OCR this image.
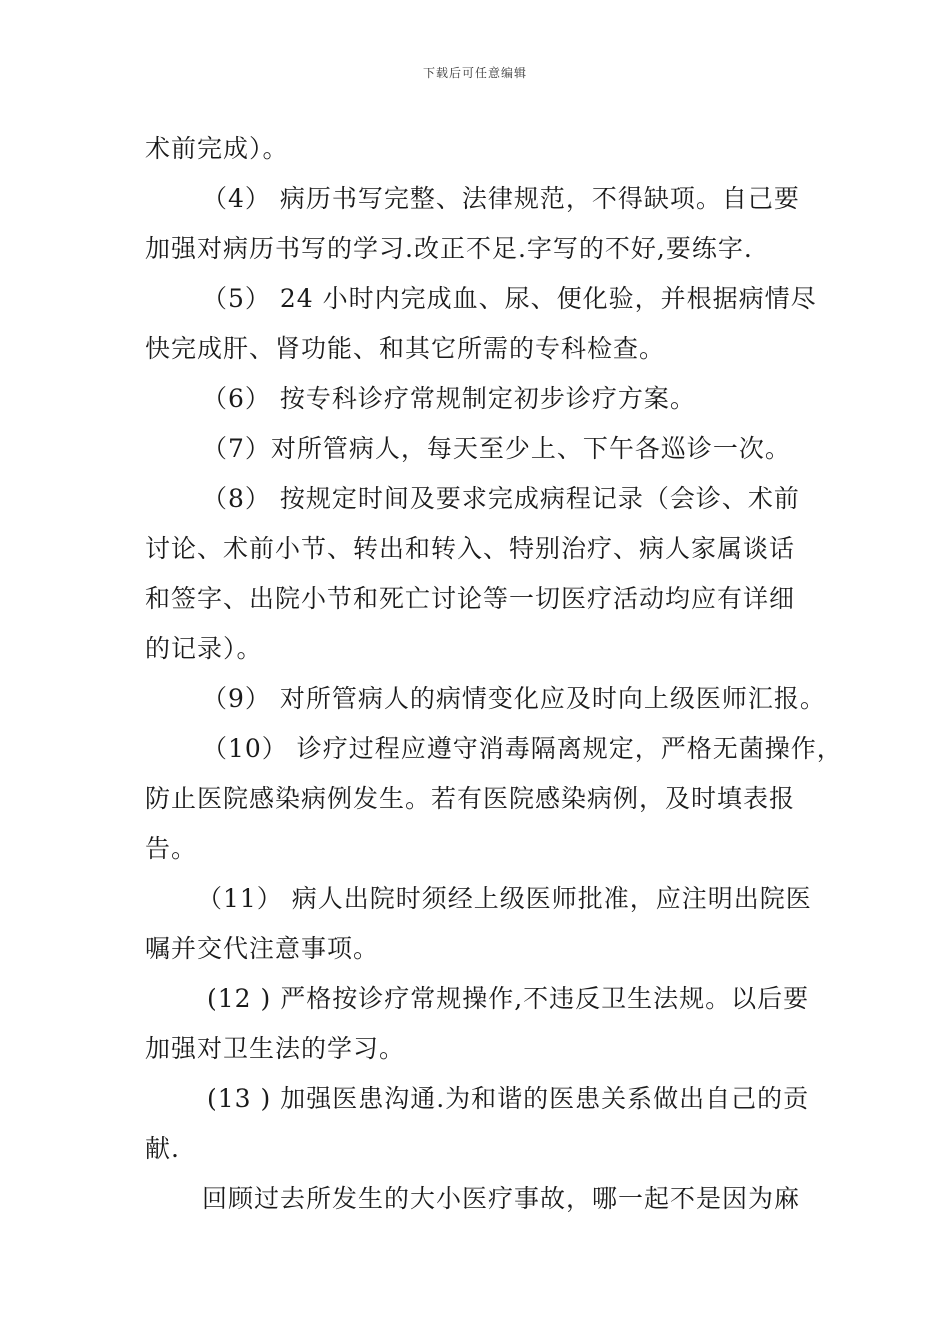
下载后可任意编辑

术前完成）。

（4） 病历书写完整、法律规范，不得缺项。自己要
加强对病历书写的学习.改正不足.字写的不好,要练字.

（5） 24 小时内完成血、尿、便化验，并根据病情尽
快完成肝、肾功能、和其它所需的专科检查。

（6） 按专科诊疗常规制定初步诊疗方案。

（7）对所管病人，每天至少上、下午各巡诊一次。

（8） 按规定时间及要求完成病程记录（会诊、术前
讨论、术前小节、转出和转入、特别治疗、病人家属谈话
和签字、出院小节和死亡讨论等一切医疗活动均应有详细
的记录）。

（9） 对所管病人的病情变化应及时向上级医师汇报。

（10） 诊疗过程应遵守消毒隔离规定，严格无菌操作，
防止医院感染病例发生。若有医院感染病例，及时填表报
告。

（11） 病人出院时须经上级医师批准，应注明出院医
嘱并交代注意事项。

(12 ) 严格按诊疗常规操作,不违反卫生法规。以后要
加强对卫生法的学习。

(13 ) 加强医患沟通.为和谐的医患关系做出自己的贡
献.

回顾过去所发生的大小医疗事故，哪一起不是因为麻
